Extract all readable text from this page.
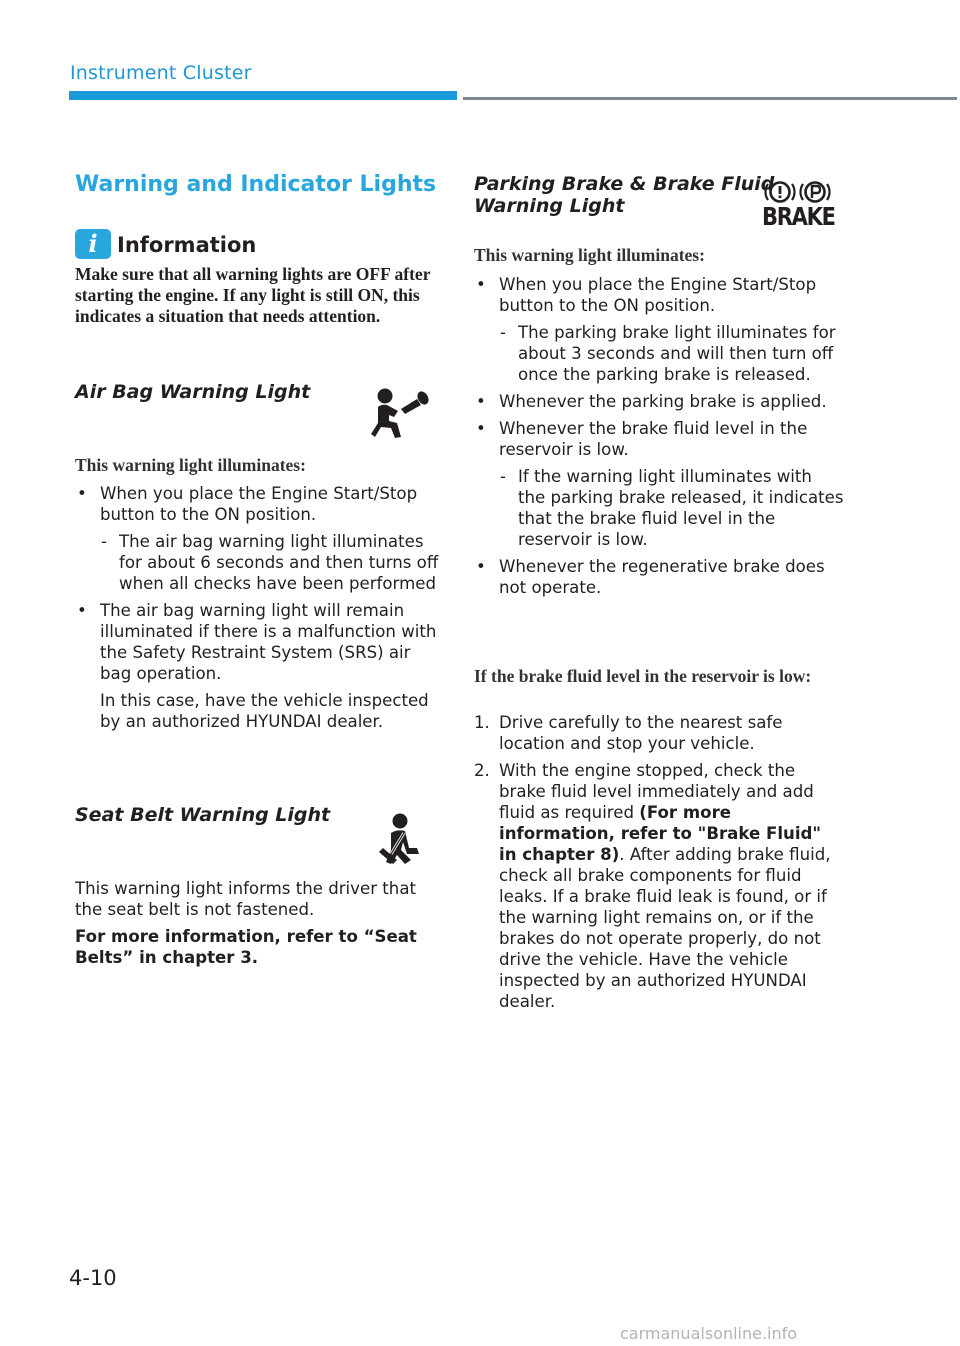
Instrument Cluster
Warning and Indicator Lights
i Information
Make sure that all warning lights are OFF after starting the engine. If any light is still ON, this indicates a situation that needs attention.
Air Bag Warning Light
This warning light illuminates:
• When you place the Engine Start/Stop button to the ON position.
- The air bag warning light illuminates for about 6 seconds and then turns off when all checks have been performed
• The air bag warning light will remain illuminated if there is a malfunction with the Safety Restraint System (SRS) air bag operation.
In this case, have the vehicle inspected by an authorized HYUNDAI dealer.
Seat Belt Warning Light
This warning light informs the driver that the seat belt is not fastened.
For more information, refer to “Seat Belts” in chapter 3.
Parking Brake & Brake Fluid
Warning Light	BRAKE
This warning light illuminates:
• When you place the Engine Start/Stop button to the ON position.
- The parking brake light illuminates for about 3 seconds and will then turn off once the parking brake is released.
• Whenever the parking brake is applied.
• Whenever the brake fluid level in the reservoir is low.
- If the warning light illuminates with the parking brake released, it indicates that the brake fluid level in the reservoir is low.
• Whenever the regenerative brake does not operate.
If the brake fluid level in the reservoir is low:
1. Drive carefully to the nearest safe location and stop your vehicle.
2. With the engine stopped, check the brake fluid level immediately and add fluid as required (For more information, refer to "Brake Fluid" in chapter 8). After adding brake fluid, check all brake components for fluid leaks. If a brake fluid leak is found, or if the warning light remains on, or if the brakes do not operate properly, do not drive the vehicle. Have the vehicle inspected by an authorized HYUNDAI dealer.
4-10
carmanualsonline.info
